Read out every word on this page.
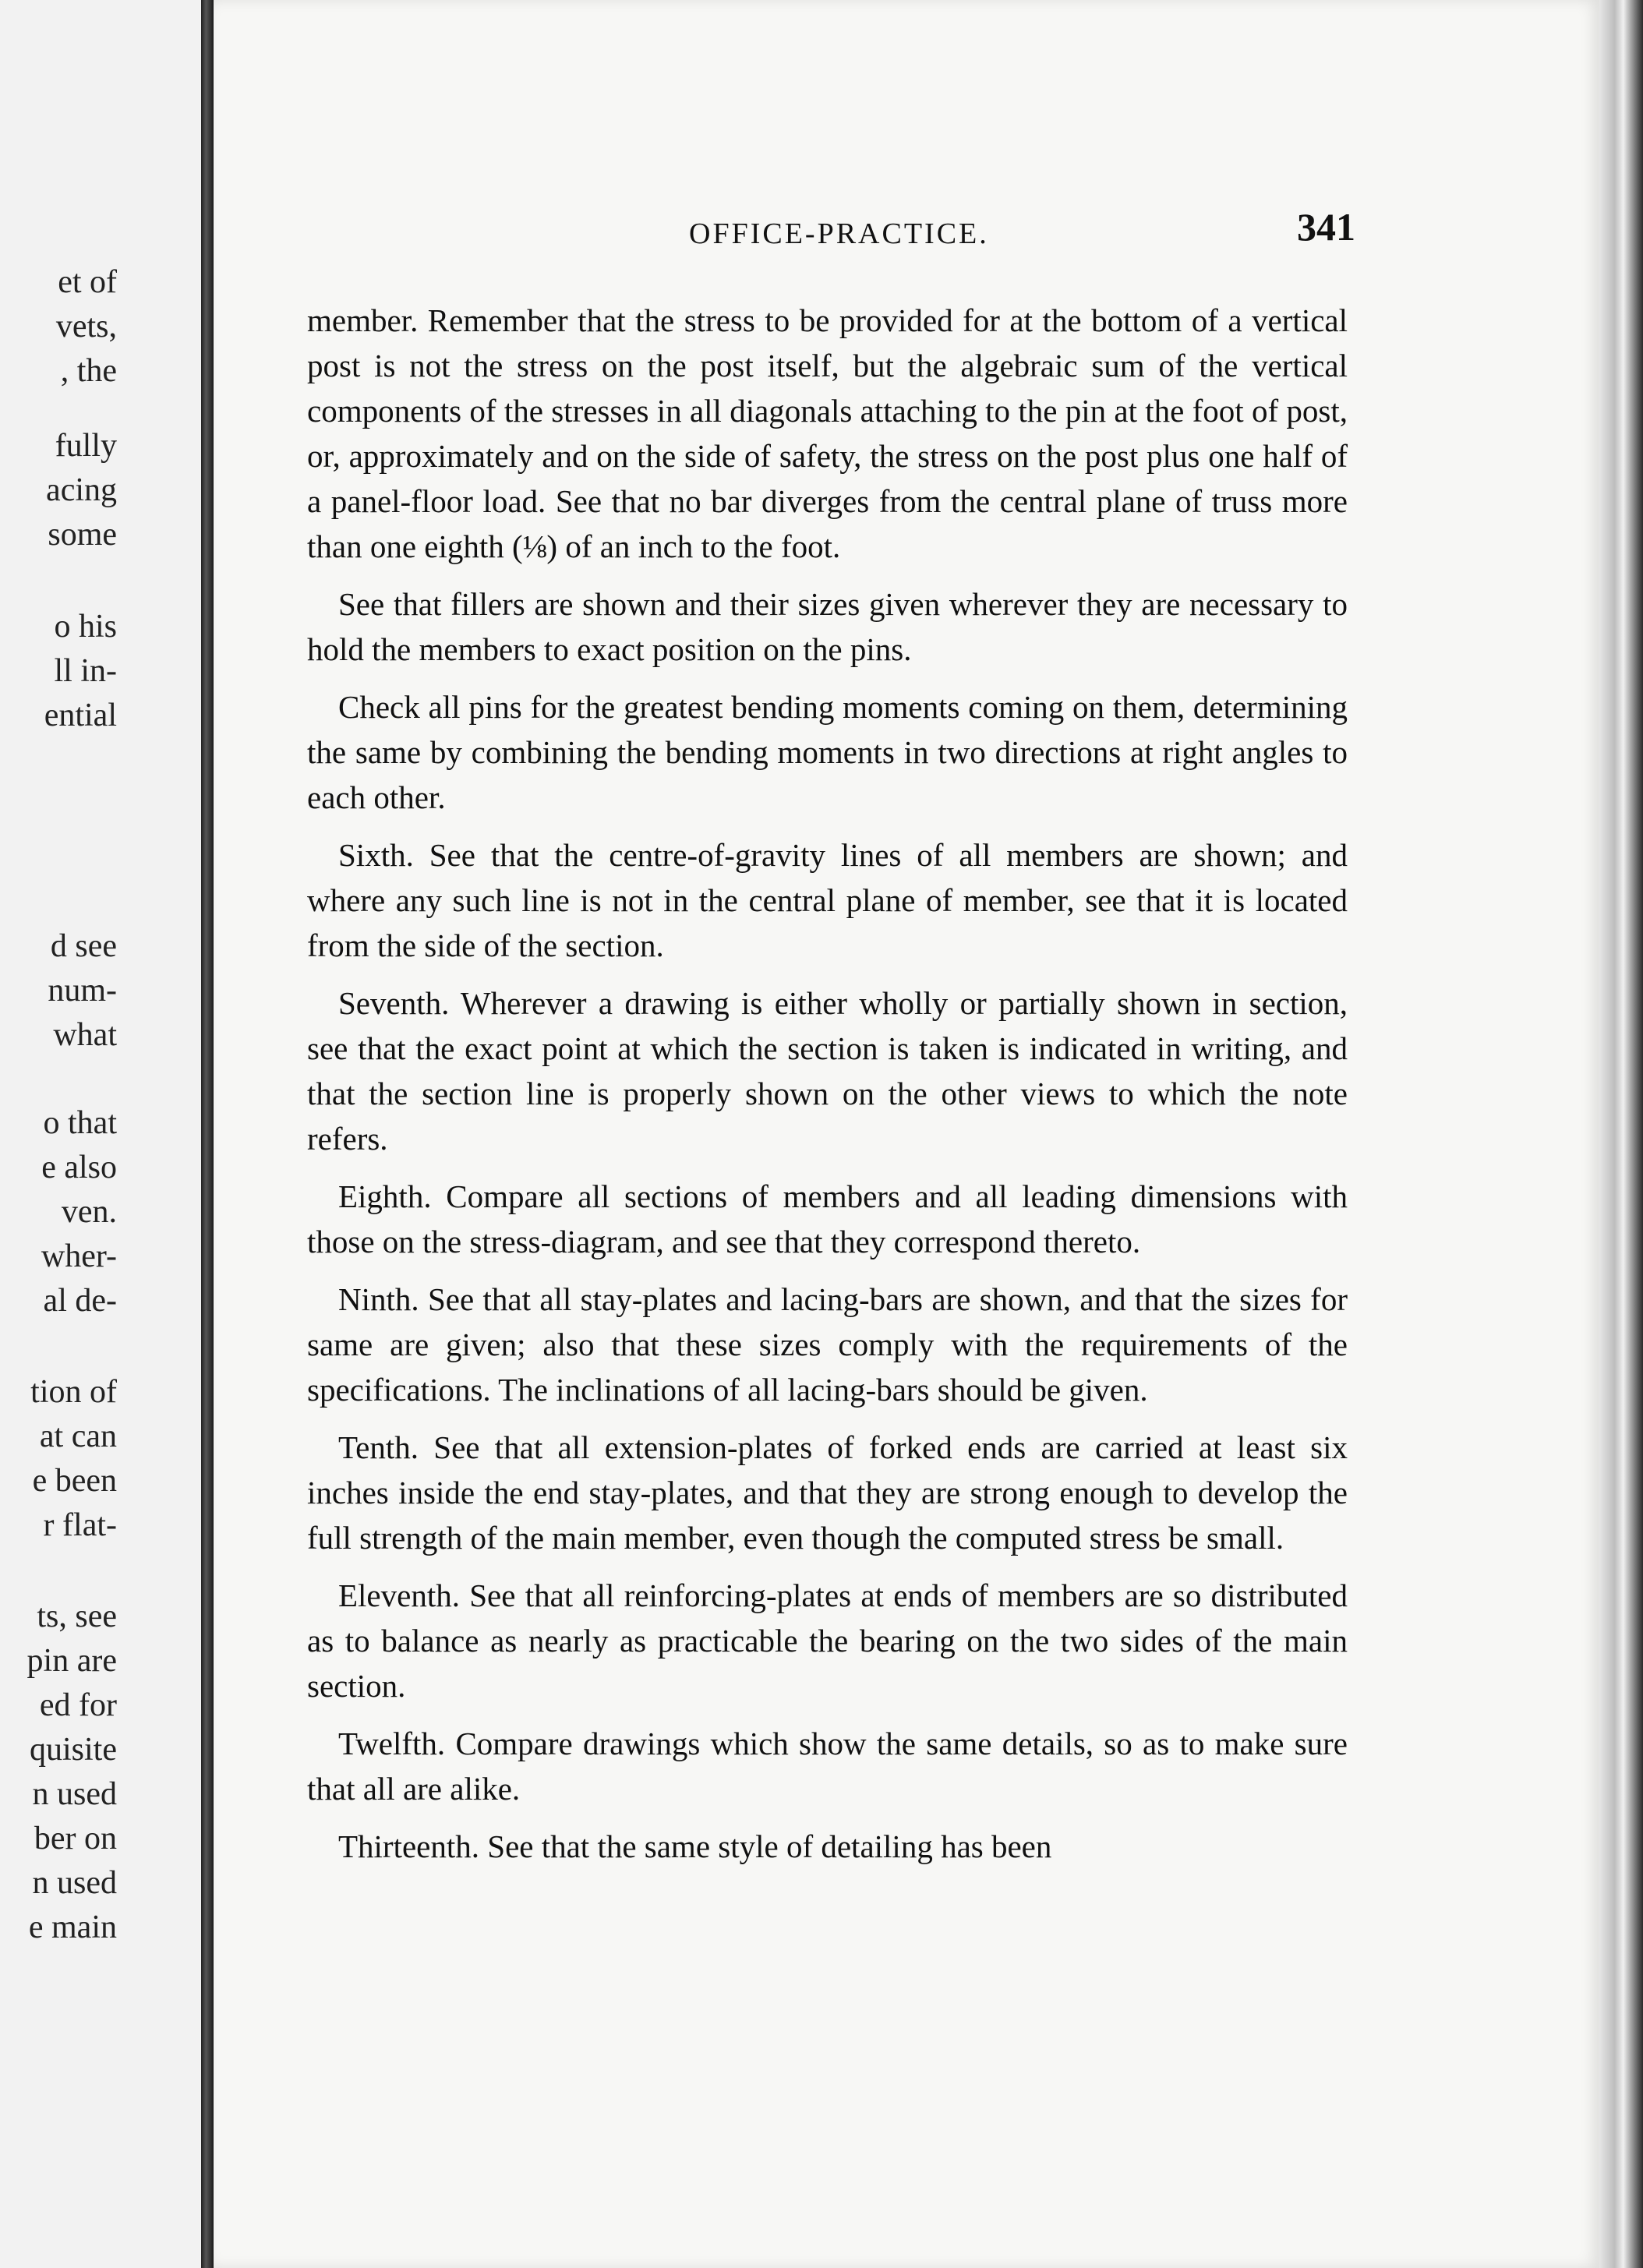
et of
vets,
, the
fully
acing
some
o his
ll in-
ential
d see
num-
what
o that
e also
ven.
wher-
al de-
tion of
at can
e been
r flat-
ts, see
pin are
ed for
quisite
n used
ber on
n used
e main
OFFICE-PRACTICE.	341

member. Remember that the stress to be provided for at the bottom of a vertical post is not the stress on the post itself, but the algebraic sum of the vertical components of the stresses in all diagonals attaching to the pin at the foot of post, or, approximately and on the side of safety, the stress on the post plus one half of a panel-floor load. See that no bar diverges from the central plane of truss more than one eighth (⅛) of an inch to the foot.

See that fillers are shown and their sizes given wherever they are necessary to hold the members to exact position on the pins.

Check all pins for the greatest bending moments coming on them, determining the same by combining the bending moments in two directions at right angles to each other.

Sixth. See that the centre-of-gravity lines of all members are shown; and where any such line is not in the central plane of member, see that it is located from the side of the section.

Seventh. Wherever a drawing is either wholly or partially shown in section, see that the exact point at which the section is taken is indicated in writing, and that the section line is properly shown on the other views to which the note refers.

Eighth. Compare all sections of members and all leading dimensions with those on the stress-diagram, and see that they correspond thereto.

Ninth. See that all stay-plates and lacing-bars are shown, and that the sizes for same are given; also that these sizes comply with the requirements of the specifications. The inclinations of all lacing-bars should be given.

Tenth. See that all extension-plates of forked ends are carried at least six inches inside the end stay-plates, and that they are strong enough to develop the full strength of the main member, even though the computed stress be small.

Eleventh. See that all reinforcing-plates at ends of members are so distributed as to balance as nearly as practicable the bearing on the two sides of the main section.

Twelfth. Compare drawings which show the same details, so as to make sure that all are alike.

Thirteenth. See that the same style of detailing has been
